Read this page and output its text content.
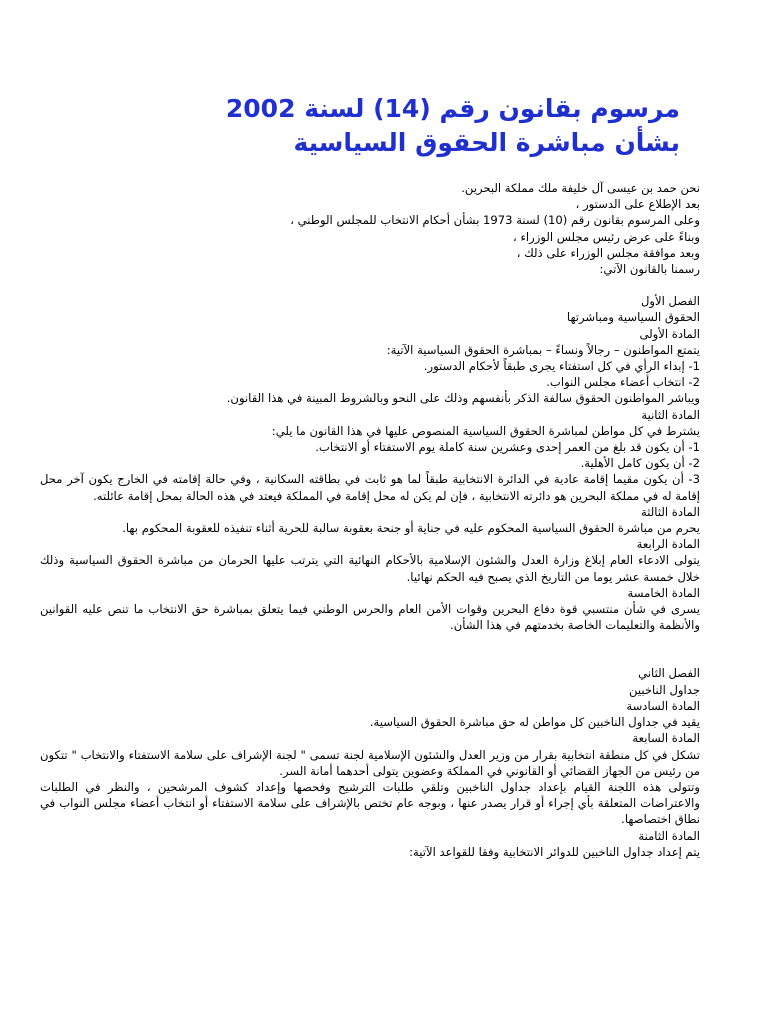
مرسوم بقانون رقم (14) لسنة 2002
بشأن مباشرة الحقوق السياسية
نحن حمد بن عيسى آل خليفة ملك مملكة البحرين.
بعد الإطلاع على الدستور ،
وعلى المرسوم بقانون رقم (10) لسنة 1973 بشأن أحكام الانتخاب للمجلس الوطني ،
وبناءً على عرض رئيس مجلس الوزراء ،
وبعد موافقة مجلس الوزراء على ذلك ،
رسمنا بالقانون الآتي:
الفصل الأول
الحقوق السياسية ومباشرتها
المادة الأولى
يتمتع المواطنون – رجالاً ونساءً – بمباشرة الحقوق السياسية الآتية:
1- إبداء الرأي في كل استفتاء يجرى طبقاً لأحكام الدستور.
2- انتخاب أعضاء مجلس النواب.
ويباشر المواطنون الحقوق سالفة الذكر بأنفسهم وذلك على النحو وبالشروط المبينة في هذا القانون.
المادة الثانية
يشترط في كل مواطن لمباشرة الحقوق السياسية المنصوص عليها في هذا القانون ما يلي:
1- أن يكون قد بلغ من العمر إحدى وعشرين سنة كاملة يوم الاستفتاء أو الانتخاب.
2- أن يكون كامل الأهلية.
3- أن يكون مقيما إقامة عادية في الدائرة الانتخابية طبقاً لما هو ثابت في بطاقته السكانية ، وفي حالة إقامته في الخارج يكون آخر محل إقامة له في مملكة البحرين هو دائرته الانتخابية ، فإن لم يكن له محل إقامة في المملكة فيعتد في هذه الحالة بمحل إقامة عائلته.
المادة الثالثة
يحرم من مباشرة الحقوق السياسية المحكوم عليه في جناية أو جنحة بعقوبة سالبة للحرية أثناء تنفيذه للعقوبة المحكوم بها.
المادة الرابعة
يتولى الادعاء العام إبلاغ وزارة العدل والشئون الإسلامية بالأحكام النهائية التي يترتب عليها الحرمان من مباشرة الحقوق السياسية وذلك خلال خمسة عشر يوما من التاريخ الذي يصبح فيه الحكم نهائيا.
المادة الخامسة
يسرى في شأن منتسبي قوة دفاع البحرين وقوات الأمن العام والحرس الوطني فيما يتعلق بمباشرة حق الانتخاب ما تنص عليه القوانين والأنظمة والتعليمات الخاصة بخدمتهم في هذا الشأن.
الفصل الثاني
جداول الناخبين
المادة السادسة
يقيد في جداول الناخبين كل مواطن له حق مباشرة الحقوق السياسية.
المادة السابعة
تشكل في كل منطقة انتخابية بقرار من وزير العدل والشئون الإسلامية لجنة تسمى " لجنة الإشراف على سلامة الاستفتاء والانتخاب " تتكون من رئيس من الجهاز القضائي أو القانوني في المملكة وعضوين يتولى أحدهما أمانة السر.
وتتولى هذه اللجنة القيام بإعداد جداول الناخبين وتلقي طلبات الترشيح وفحصها وإعداد كشوف المرشحين ، والنظر في الطلبات والاعتراضات المتعلقة بأي إجراء أو قرار يصدر عنها ، وبوجه عام تختص بالإشراف على سلامة الاستفتاء أو انتخاب أعضاء مجلس النواب في نطاق اختصاصها.
المادة الثامنة
يتم إعداد جداول الناخبين للدوائر الانتخابية وفقا للقواعد الآتية:
